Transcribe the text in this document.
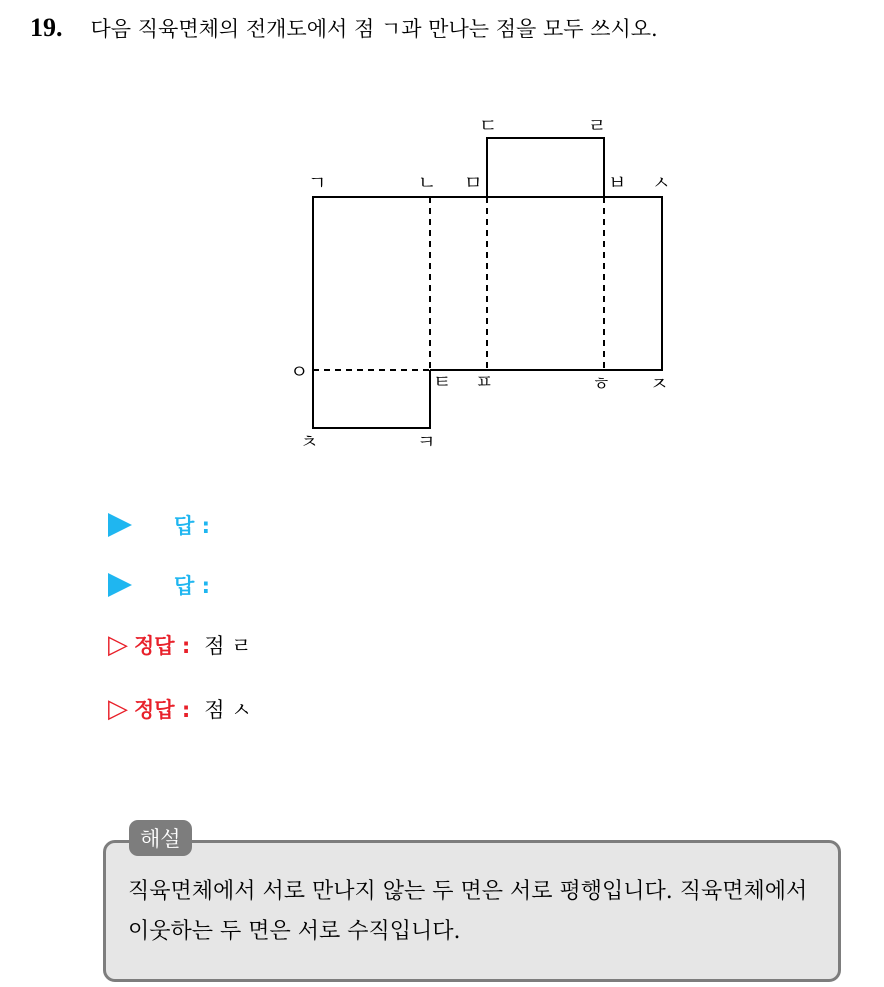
19. 다음 직육면체의 전개도에서 점 ㄱ과 만나는 점을 모두 쓰시오.
ㄱ	ㄴ ㅁ
ㄷ	ㄹ
ㅂ ㅅ
ㅇ	ㅌ ㅍ	ㅎ ㅈ
ㅊ	ㅋ
답 :
답 :
▷ 정답 : 점 ㄹ
▷ 정답 : 점 ㅅ
해설
직육면체에서 서로 만나지 않는 두 면은 서로 평행입니다. 직육면체에서 이웃하는 두 면은 서로 수직입니다.
